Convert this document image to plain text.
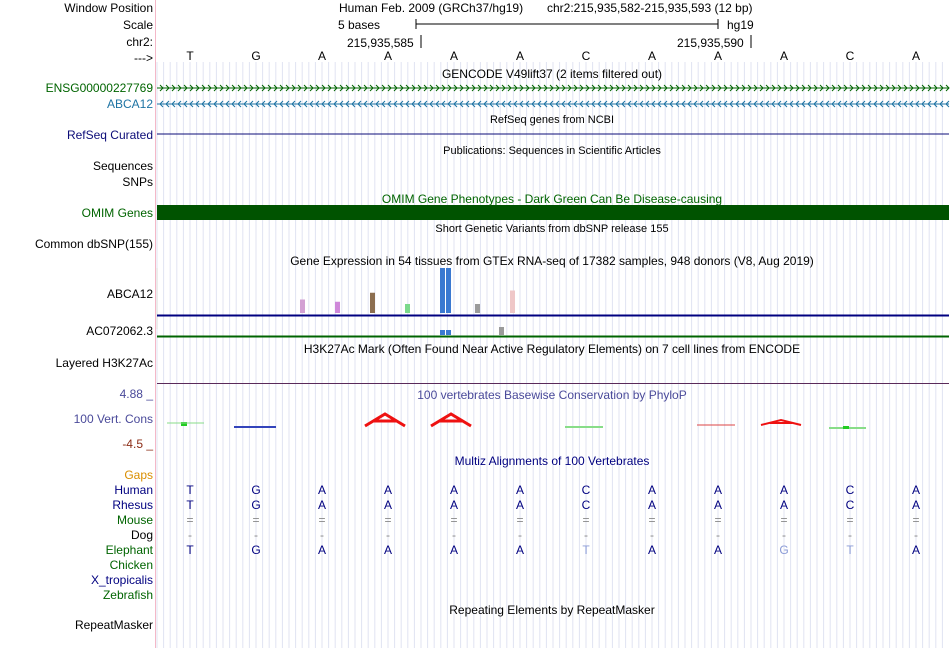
Window Position
Scale
chr2:
--->
Human Feb. 2009 (GRCh37/hg19) chr2:215,935,582-215,935,593 (12 bp)
5 bases	hg19
215,935,585	215,935,590
T	G	A	A	A	A	C	A	A	A	C	A
GENCODE V49lift37 (2 items filtered out)
ENSG00000227769
ABCA12
RefSeq genes from NCBI
RefSeq Curated
Publications: Sequences in Scientific Articles
Sequences
SNPs
OMIM Gene Phenotypes - Dark Green Can Be Disease-causing
OMIM Genes
Short Genetic Variants from dbSNP release 155
Common dbSNP(155)
Gene Expression in 54 tissues from GTEx RNA-seq of 17382 samples, 948 donors (V8, Aug 2019)
ABCA12
AC072062.3
H3K27Ac Mark (Often Found Near Active Regulatory Elements) on 7 cell lines from ENCODE
Layered H3K27Ac
100 vertebrates Basewise Conservation by PhyloP
4.88 _
100 Vert. Cons
-4.5 _
Multiz Alignments of 100 Vertebrates
Gaps
Human	T	G	A	A	A	A	C	A	A	A	C	A
Rhesus	T	G	A	A	A	A	C	A	A	A	C	A
Mouse	=	=	=	=	=	=	=	=	=	=	=	=
Dog	-	-	-	-	-	-	-	-	-	-	-	-
Elephant	T	G	A	A	A	A	T	A	A	G	T	A
Chicken
X_tropicalis
Zebrafish
Repeating Elements by RepeatMasker
RepeatMasker
